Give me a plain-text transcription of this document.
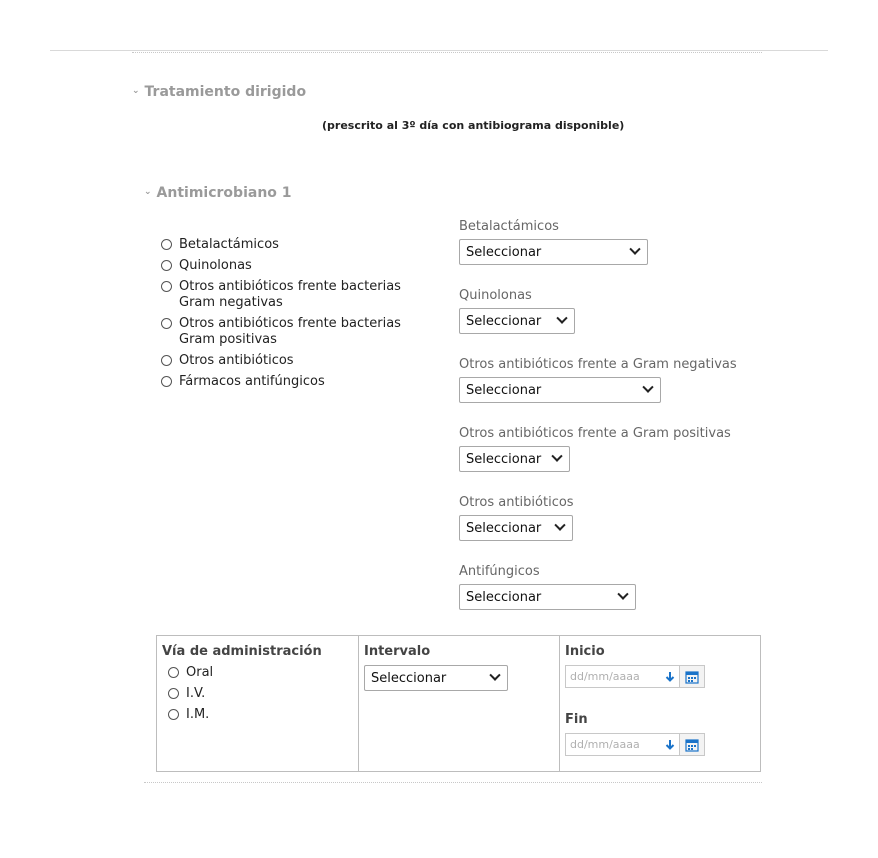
⌄ Tratamiento dirigido
(prescrito al 3º día con antibiograma disponible)
⌄ Antimicrobiano 1
Betalactámicos
Quinolonas
Otros antibióticos frente bacterias Gram negativas
Otros antibióticos frente bacterias Gram positivas
Otros antibióticos
Fármacos antifúngicos
Betalactámicos
Seleccionar
Quinolonas
Seleccionar
Otros antibióticos frente a Gram negativas
Seleccionar
Otros antibióticos frente a Gram positivas
Seleccionar
Otros antibióticos
Seleccionar
Antifúngicos
Seleccionar
Vía de administración
Oral
I.V.
I.M.
Intervalo
Seleccionar
Inicio
dd/mm/aaaa
Fin
dd/mm/aaaa
